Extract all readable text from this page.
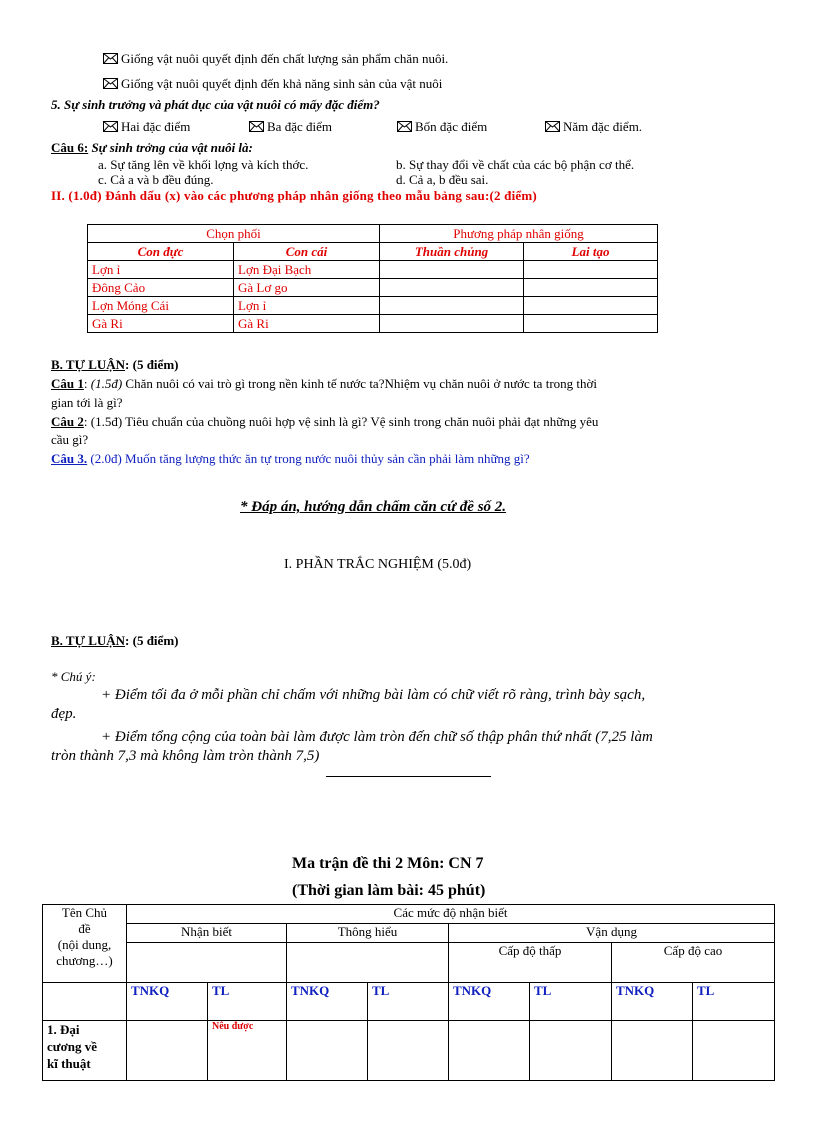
Giống vật nuôi quyết định đến chất lượng sản phẩm chăn nuôi.
Giống vật nuôi quyết định đến khả năng sinh sản của vật nuôi
5. Sự sinh trưởng và phát dục của vật nuôi có mấy đặc điểm?
Hai đặc điểm	Ba đặc điểm	Bốn đặc điểm	Năm đặc điểm.
Câu 6: Sự sinh trởng của vật nuôi là:
a. Sự tăng lên về khối lợng và kích thớc.	b. Sự thay đổi về chất của các bộ phận cơ thể.
c. Cả a và b đều đúng.	d. Cả a, b đều sai.
II. (1.0đ) Đánh dấu (x) vào các phương pháp nhân giống theo mẫu bảng sau:(2 điểm)
Chọn phối		Phương pháp nhân giống	
Con đực	Con cái	Thuần chủng	Lai tạo
Lợn ỉ	Lợn Đại Bạch		
Đông Cảo	Gà Lơ go		
Lợn Móng Cái	Lợn ỉ		
Gà Ri	Gà Ri		
B. TỰ LUẬN: (5 điểm)
Câu 1: (1.5đ) Chăn nuôi có vai trò gì trong nền kinh tế nước ta?Nhiệm vụ chăn nuôi ở nước ta trong thời
gian tới là gì?
Câu 2: (1.5đ) Tiêu chuẩn của chuồng nuôi hợp vệ sinh là gì? Vệ sinh trong chăn nuôi phải đạt những yêu
cầu gì?
Câu 3. (2.0đ) Muốn tăng lượng thức ăn tự trong nước nuôi thủy sản cần phải làm những gì?
* Đáp án, hướng dẫn chấm căn cứ đề số 2.
I. PHẦN TRẮC NGHIỆM (5.0đ)
B. TỰ LUẬN: (5 điểm)
* Chú ý:
+ Điểm tối đa ở mỗi phần chỉ chấm với những bài làm có chữ viết rõ ràng, trình bày sạch,
đẹp.
+ Điểm tổng cộng của toàn bài làm được làm tròn đến chữ số thập phân thứ nhất (7,25 làm
tròn thành 7,3 mà không làm tròn thành 7,5)
Ma trận đề thi 2 Môn: CN 7
(Thời gian làm bài: 45 phút)
Tên Chủ
đề
(nội dung,
chương…)	Các mức độ nhận biết							
	Nhận biết		Thông hiểu		Vận dụng			
					Cấp độ thấp		Cấp độ cao	
	TNKQ	TL	TNKQ	TL	TNKQ	TL	TNKQ	TL

1. Đại
cương về
kĩ thuật		Nêu được						
